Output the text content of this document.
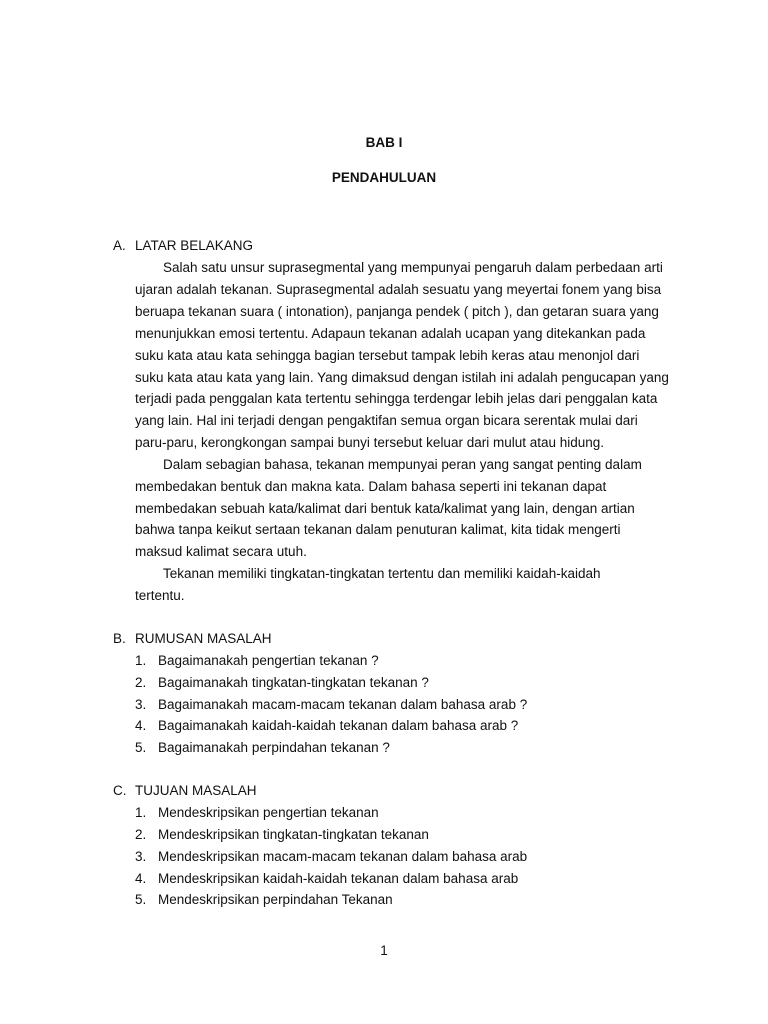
BAB I
PENDAHULUAN
A. LATAR BELAKANG
Salah satu unsur suprasegmental yang mempunyai pengaruh dalam perbedaan arti
ujaran adalah tekanan. Suprasegmental adalah sesuatu yang meyertai fonem yang bisa
beruapa tekanan suara ( intonation), panjanga pendek ( pitch ), dan getaran suara yang
menunjukkan emosi tertentu. Adapaun tekanan adalah ucapan yang ditekankan pada
suku kata atau kata sehingga bagian tersebut tampak lebih keras atau menonjol dari
suku kata atau kata yang lain. Yang dimaksud dengan istilah ini adalah pengucapan yang
terjadi pada penggalan kata tertentu sehingga terdengar lebih jelas dari penggalan kata
yang lain. Hal ini terjadi dengan pengaktifan semua organ bicara serentak mulai dari
paru-paru, kerongkongan sampai bunyi tersebut keluar dari mulut atau hidung.
Dalam sebagian bahasa, tekanan mempunyai peran yang sangat penting dalam
membedakan bentuk dan makna kata. Dalam bahasa seperti ini tekanan dapat
membedakan sebuah kata/kalimat dari bentuk kata/kalimat yang lain, dengan artian
bahwa tanpa keikut sertaan tekanan dalam penuturan kalimat, kita tidak mengerti
maksud kalimat secara utuh.
Tekanan memiliki tingkatan-tingkatan tertentu dan memiliki kaidah-kaidah
tertentu.
B. RUMUSAN MASALAH
1. Bagaimanakah pengertian tekanan ?
2. Bagaimanakah tingkatan-tingkatan tekanan ?
3. Bagaimanakah macam-macam tekanan dalam bahasa arab ?
4. Bagaimanakah kaidah-kaidah tekanan dalam bahasa arab ?
5. Bagaimanakah perpindahan tekanan ?
C. TUJUAN MASALAH
1. Mendeskripsikan pengertian tekanan
2. Mendeskripsikan tingkatan-tingkatan tekanan
3. Mendeskripsikan macam-macam tekanan dalam bahasa arab
4. Mendeskripsikan kaidah-kaidah tekanan dalam bahasa arab
5. Mendeskripsikan perpindahan Tekanan
1
